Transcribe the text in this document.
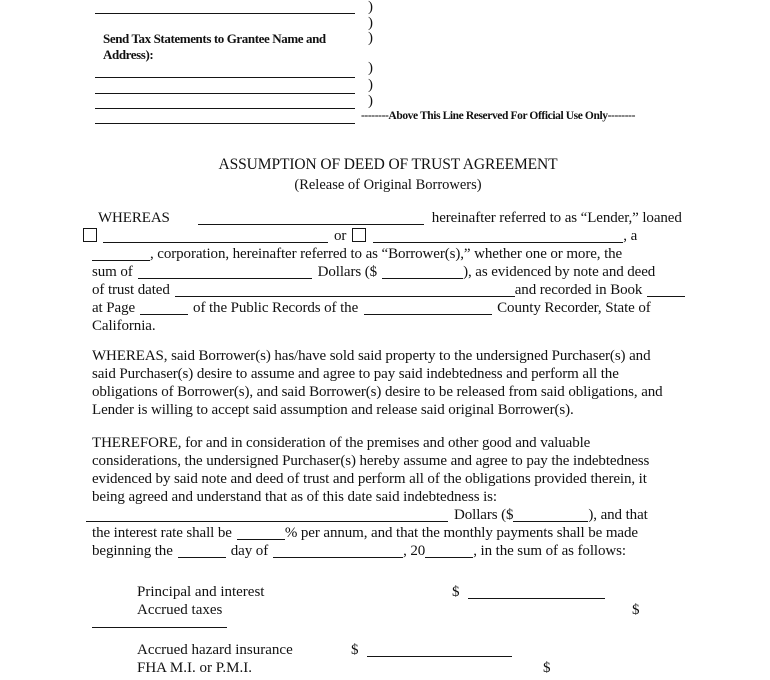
)
)
)
)
)
)
Send Tax Statements to Grantee Name and
Address):
--------Above This Line Reserved For Official Use Only--------
ASSUMPTION OF DEED OF TRUST AGREEMENT
(Release of Original Borrowers)
WHEREAS	hereinafter referred to as “Lender,” loaned
or	, a
, corporation, hereinafter referred to as “Borrower(s),” whether one or more, the
sum of	Dollars ($	), as evidenced by note and deed
of trust dated	and recorded in Book
at Page	of the Public Records of the	County Recorder, State of
California.
WHEREAS, said Borrower(s) has/have sold said property to the undersigned Purchaser(s) and
said Purchaser(s) desire to assume and agree to pay said indebtedness and perform all the
obligations of Borrower(s), and said Borrower(s) desire to be released from said obligations, and
Lender is willing to accept said assumption and release said original Borrower(s).
THEREFORE, for and in consideration of the premises and other good and valuable
considerations, the undersigned Purchaser(s) hereby assume and agree to pay the indebtedness
evidenced by said note and deed of trust and perform all of the obligations provided therein, it
being agreed and understand that as of this date said indebtedness is:
Dollars ($	), and that
the interest rate shall be	% per annum, and that the monthly payments shall be made
beginning the	day of	, 20	, in the sum of as follows:
Principal and interest	$
Accrued taxes	$
Accrued hazard insurance	$
FHA M.I. or P.M.I.	$
